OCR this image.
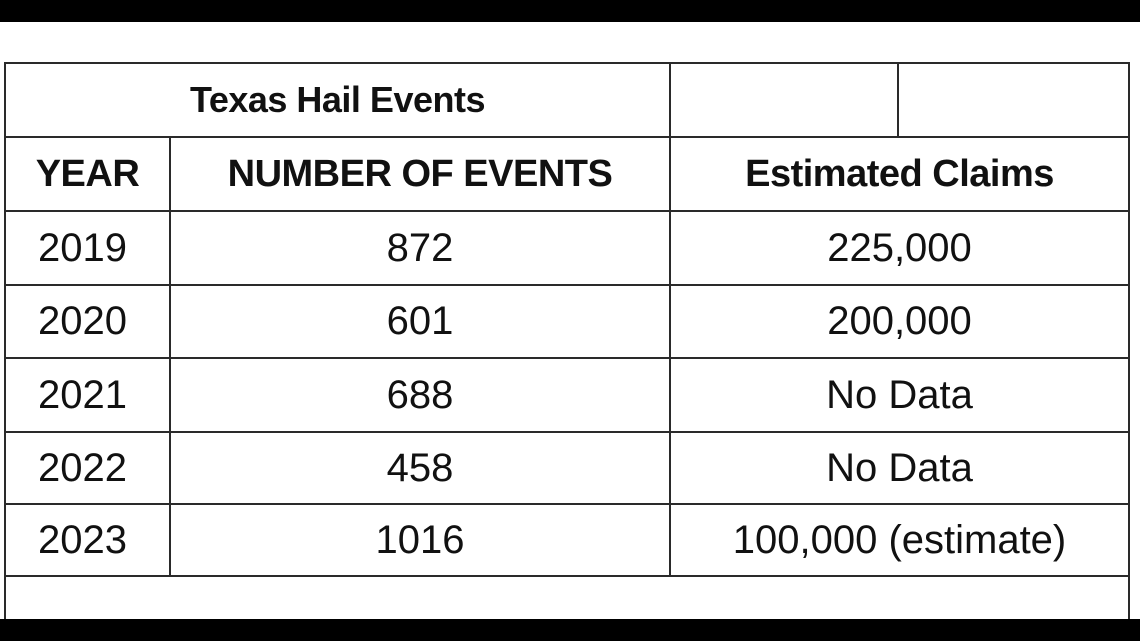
Texas Hail Events
YEAR	NUMBER OF EVENTS	Estimated Claims
2019	872	225,000
2020	601	200,000
2021	688	No Data
2022	458	No Data
2023	1016	100,000 (estimate)
